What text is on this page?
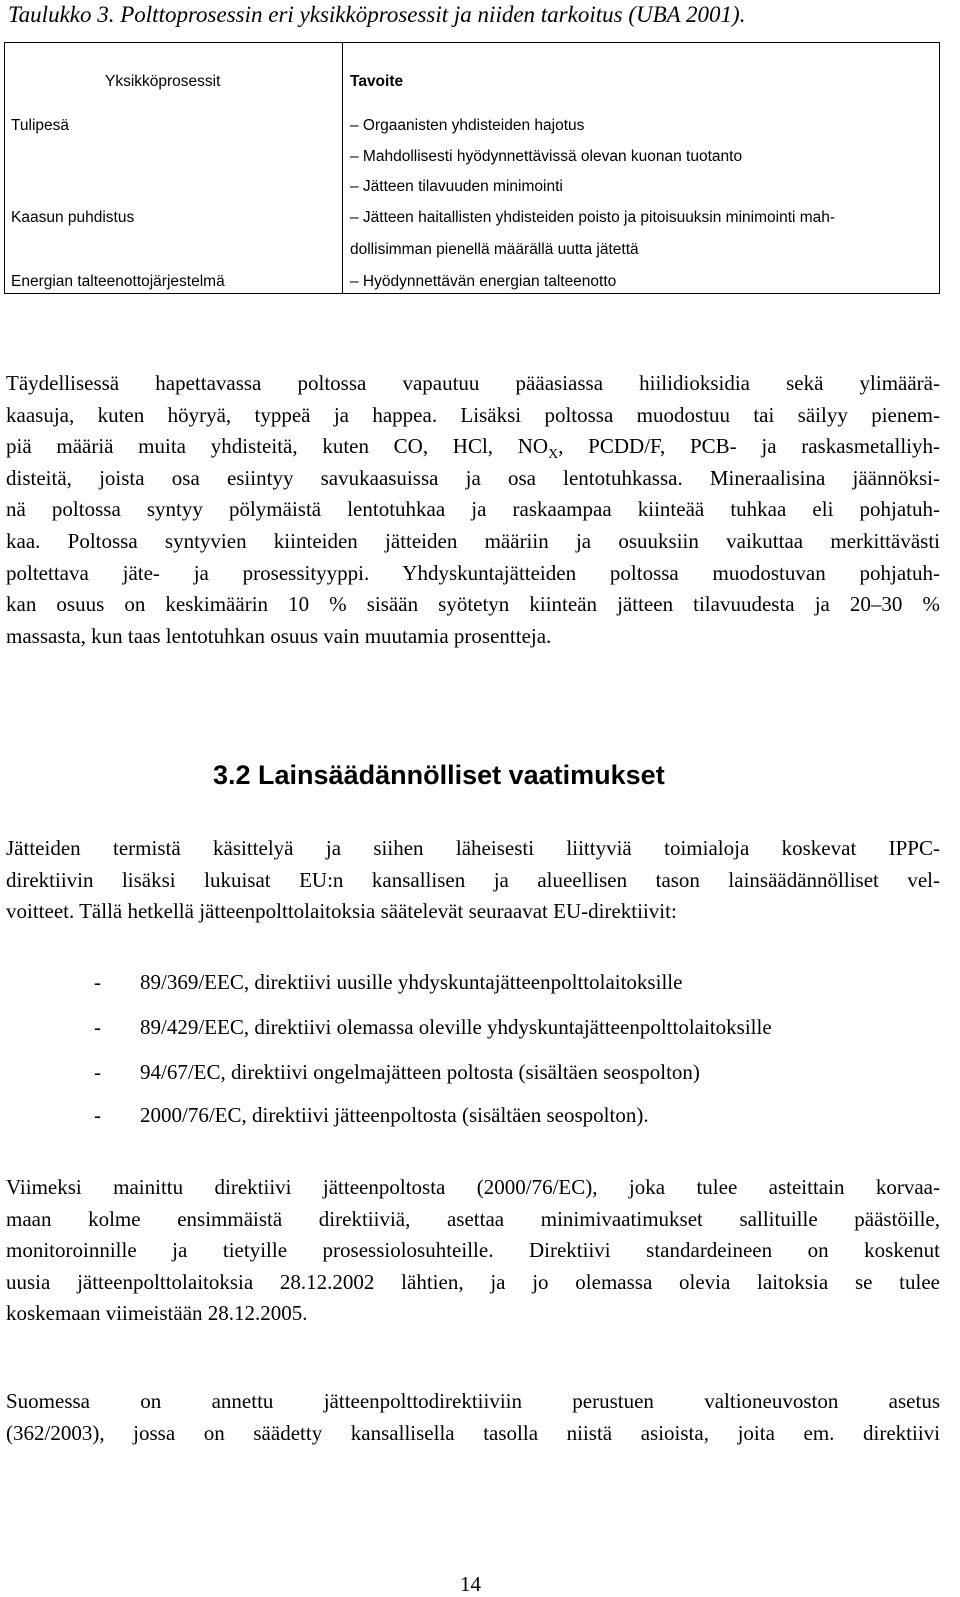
Taulukko 3. Polttoprosessin eri yksikköprosessit ja niiden tarkoitus (UBA 2001).
Yksikköprosessit	Tavoite
Tulipesä	– Orgaanisten yhdisteiden hajotus
– Mahdollisesti hyödynnettävissä olevan kuonan tuotanto
– Jätteen tilavuuden minimointi
Kaasun puhdistus	– Jätteen haitallisten yhdisteiden poisto ja pitoisuuksin minimointi mah-
dollisimman pienellä määrällä uutta jätettä
Energian talteenottojärjestelmä	– Hyödynnettävän energian talteenotto
Täydellisessä hapettavassa poltossa vapautuu pääasiassa hiilidioksidia sekä ylimäärä-
kaasuja, kuten höyryä, typpeä ja happea. Lisäksi poltossa muodostuu tai säilyy pienem-
piä määriä muita yhdisteitä, kuten CO, HCl, $NO_X$, PCDD/F, PCB- ja raskasmetalliyh-
disteitä, joista osa esiintyy savukaasuissa ja osa lentotuhkassa. Mineraalisina jäännöksi-
nä poltossa syntyy pölymäistä lentotuhkaa ja raskaampaa kiinteää tuhkaa eli pohjatuh-
kaa. Poltossa syntyvien kiinteiden jätteiden määriin ja osuuksiin vaikuttaa merkittävästi
poltettava jäte- ja prosessityyppi. Yhdyskuntajätteiden poltossa muodostuvan pohjatuh-
kan osuus on keskimäärin 10 % sisään syötetyn kiinteän jätteen tilavuudesta ja 20–30 %
massasta, kun taas lentotuhkan osuus vain muutamia prosentteja.
3.2 Lainsäädännölliset vaatimukset
Jätteiden termistä käsittelyä ja siihen läheisesti liittyviä toimialoja koskevat IPPC-
direktiivin lisäksi lukuisat EU:n kansallisen ja alueellisen tason lainsäädännölliset vel-
voitteet. Tällä hetkellä jätteenpolttolaitoksia säätelevät seuraavat EU-direktiivit:
- 89/369/EEC, direktiivi uusille yhdyskuntajätteenpolttolaitoksille
- 89/429/EEC, direktiivi olemassa oleville yhdyskuntajätteenpolttolaitoksille
- 94/67/EC, direktiivi ongelmajätteen poltosta (sisältäen seospolton)
- 2000/76/EC, direktiivi jätteenpoltosta (sisältäen seospolton).
Viimeksi mainittu direktiivi jätteenpoltosta (2000/76/EC), joka tulee asteittain korvaa-
maan kolme ensimmäistä direktiiviä, asettaa minimivaatimukset sallituille päästöille,
monitoroinnille ja tietyille prosessiolosuhteille. Direktiivi standardeineen on koskenut
uusia jätteenpolttolaitoksia 28.12.2002 lähtien, ja jo olemassa olevia laitoksia se tulee
koskemaan viimeistään 28.12.2005.
Suomessa on annettu jätteenpolttodirektiiviin perustuen valtioneuvoston asetus
(362/2003), jossa on säädetty kansallisella tasolla niistä asioista, joita em. direktiivi
14
